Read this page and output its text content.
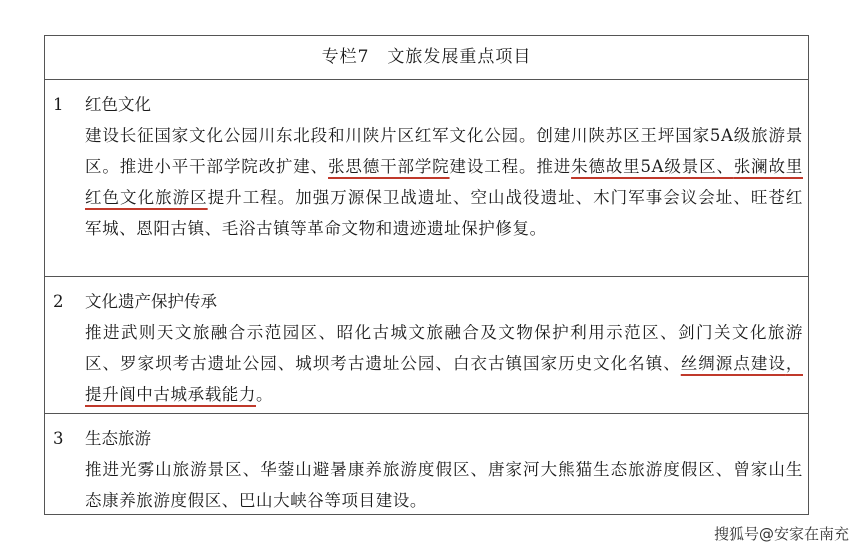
专栏7　文旅发展重点项目
1 红色文化
建设长征国家文化公园川东北段和川陕片区红军文化公园。创建川陕苏区王坪国家5A级旅游景区。推进小平干部学院改扩建、张思德干部学院建设工程。推进朱德故里5A级景区、张澜故里红色文化旅游区提升工程。加强万源保卫战遗址、空山战役遗址、木门军事会议会址、旺苍红军城、恩阳古镇、毛浴古镇等革命文物和遗迹遗址保护修复。
2 文化遗产保护传承
推进武则天文旅融合示范园区、昭化古城文旅融合及文物保护利用示范区、剑门关文化旅游区、罗家坝考古遗址公园、城坝考古遗址公园、白衣古镇国家历史文化名镇、丝绸源点建设，提升阆中古城承载能力。
3 生态旅游
推进光雾山旅游景区、华蓥山避暑康养旅游度假区、唐家河大熊猫生态旅游度假区、曾家山生态康养旅游度假区、巴山大峡谷等项目建设。
搜狐号@安家在南充
